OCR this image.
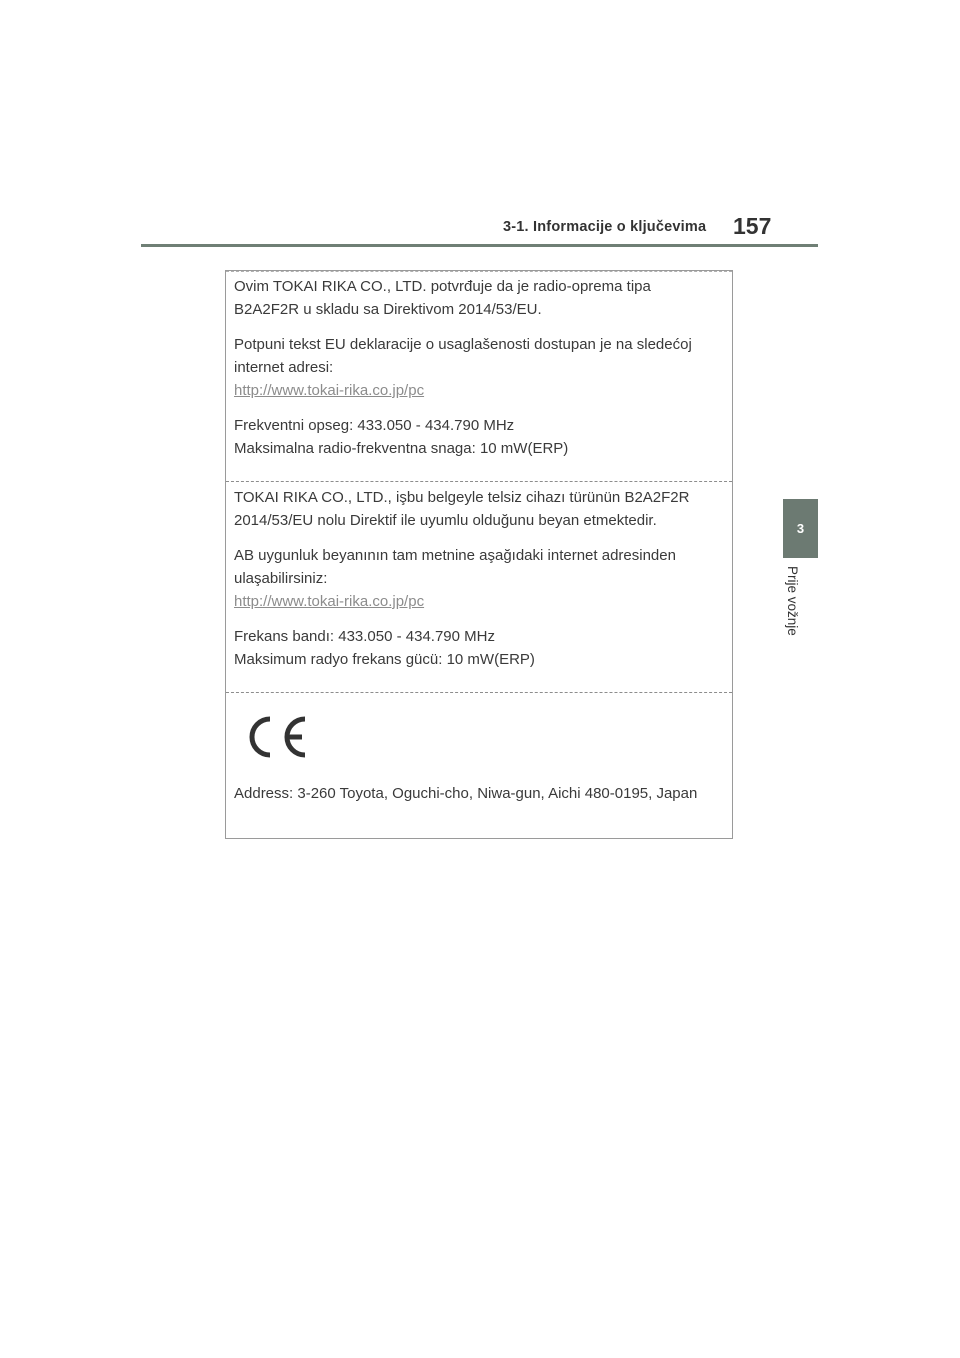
3-1. Informacije o ključevima 157
3
Prije vožnje

Ovim TOKAI RIKA CO., LTD. potvrđuje da je radio-oprema tipa

B2A2F2R u skladu sa Direktivom 2014/53/EU.

Potpuni tekst EU deklaracije o usaglašenosti dostupan je na sledećoj

internet adresi:

http://www.tokai-rika.co.jp/pc

Frekventni opseg: 433.050 - 434.790 MHz

Maksimalna radio-frekventna snaga: 10 mW(ERP)

TOKAI RIKA CO., LTD., işbu belgeyle telsiz cihazı türünün B2A2F2R

2014/53/EU nolu Direktif ile uyumlu olduğunu beyan etmektedir.

AB uygunluk beyanının tam metnine aşağıdaki internet adresinden

ulaşabilirsiniz:

http://www.tokai-rika.co.jp/pc

Frekans bandı: 433.050 - 434.790 MHz

Maksimum radyo frekans gücü: 10 mW(ERP)

Address: 3-260 Toyota, Oguchi-cho, Niwa-gun, Aichi 480-0195, Japan
